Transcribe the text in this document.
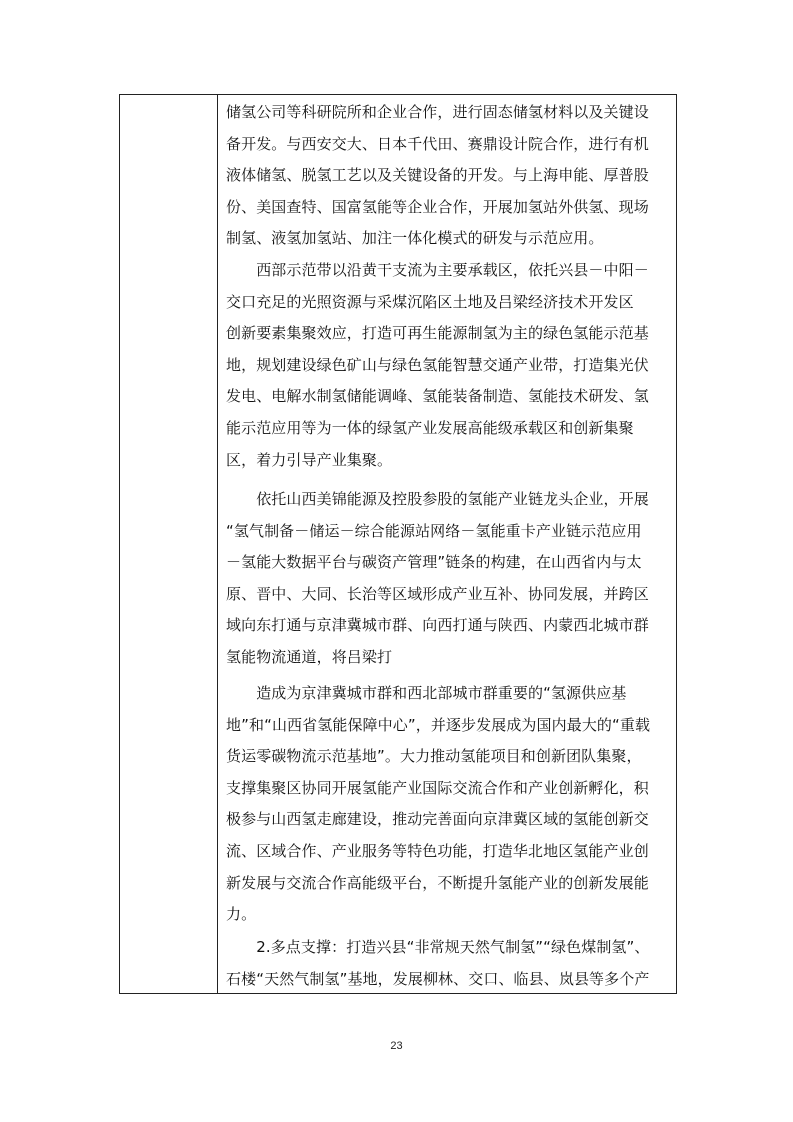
储氢公司等科研院所和企业合作，进行固态储氢材料以及关键设
备开发。与西安交大、日本千代田、赛鼎设计院合作，进行有机
液体储氢、脱氢工艺以及关键设备的开发。与上海申能、厚普股
份、美国查特、国富氢能等企业合作，开展加氢站外供氢、现场
制氢、液氢加氢站、加注一体化模式的研发与示范应用。

　　西部示范带以沿黄干支流为主要承载区，依托兴县－中阳－
交口充足的光照资源与采煤沉陷区土地及吕梁经济技术开发区
创新要素集聚效应，打造可再生能源制氢为主的绿色氢能示范基
地，规划建设绿色矿山与绿色氢能智慧交通产业带，打造集光伏
发电、电解水制氢储能调峰、氢能装备制造、氢能技术研发、氢
能示范应用等为一体的绿氢产业发展高能级承载区和创新集聚
区，着力引导产业集聚。

　　依托山西美锦能源及控股参股的氢能产业链龙头企业，开展
“氢气制备－储运－综合能源站网络－氢能重卡产业链示范应用
－氢能大数据平台与碳资产管理”链条的构建，在山西省内与太
原、晋中、大同、长治等区域形成产业互补、协同发展，并跨区
域向东打通与京津冀城市群、向西打通与陕西、内蒙西北城市群
氢能物流通道，将吕梁打

　　造成为京津冀城市群和西北部城市群重要的“氢源供应基
地”和“山西省氢能保障中心”，并逐步发展成为国内最大的“重载
货运零碳物流示范基地”。大力推动氢能项目和创新团队集聚，
支撑集聚区协同开展氢能产业国际交流合作和产业创新孵化，积
极参与山西氢走廊建设，推动完善面向京津冀区域的氢能创新交
流、区域合作、产业服务等特色功能，打造华北地区氢能产业创
新发展与交流合作高能级平台，不断提升氢能产业的创新发展能
力。

　　2.多点支撑：打造兴县“非常规天然气制氢”“绿色煤制氢”、
石楼“天然气制氢”基地，发展柳林、交口、临县、岚县等多个产

23
